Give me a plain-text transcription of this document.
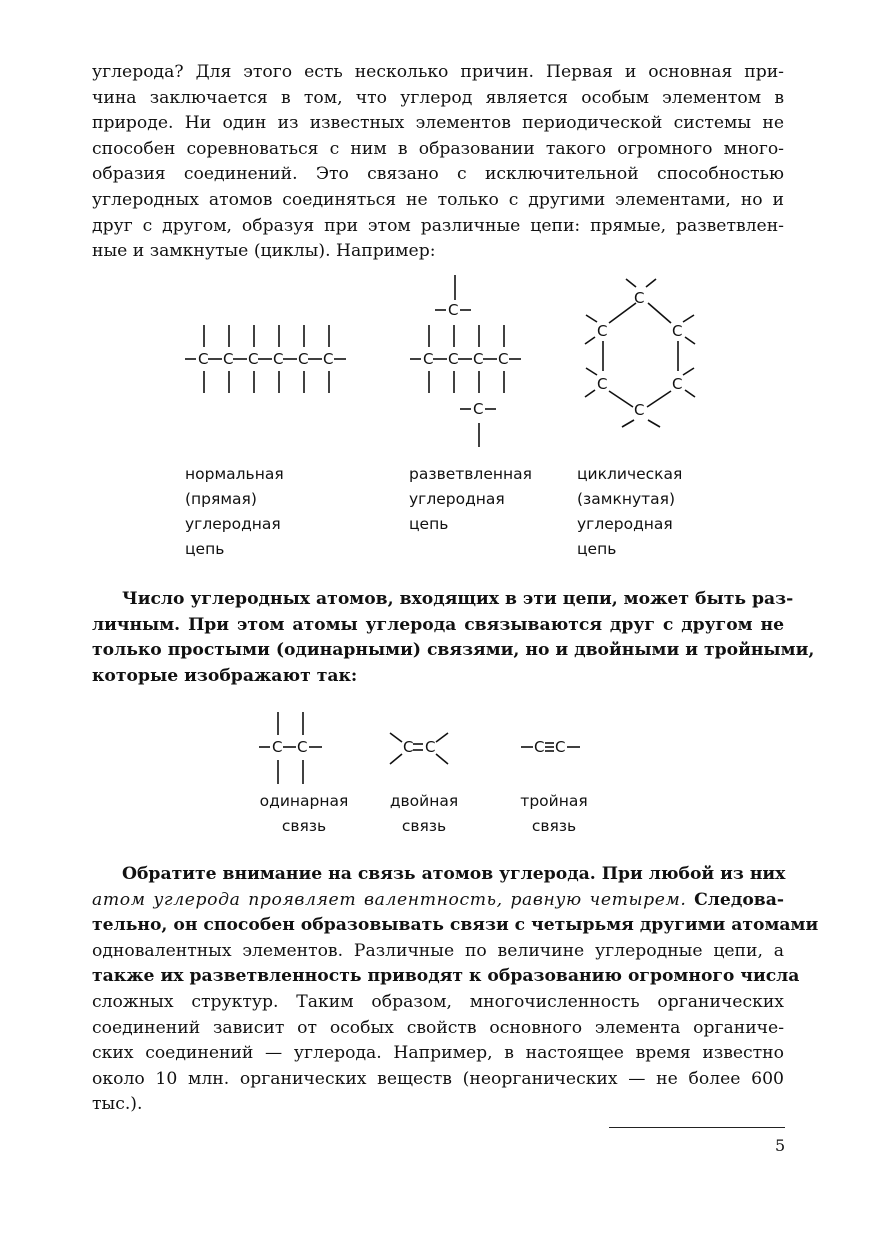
углерода? Для этого есть несколько причин. Первая и основная при-
чина заключается в том, что углерод является особым элементом в
природе. Ни один из известных элементов периодической системы не
способен соревноваться с ним в образовании такого огромного много-
образия соединений. Это связано с исключительной способностью
углеродных атомов соединяться не только с другими элементами, но и
друг с другом, образуя при этом различные цепи: прямые, разветвлен-
ные и замкнутые (циклы). Например:
C C C C C C
C
C C C C
C
C
C	C
C	C
C
нормальная
(прямая)
углеродная
цепь
разветвленная
углеродная
цепь
циклическая
(замкнутая)
углеродная
цепь
Число углеродных атомов, входящих в эти цепи, может быть раз-
личным. При этом атомы углерода связываются друг с другом не
только простыми (одинарными) связями, но и двойными и тройными,
которые изображают так:
C C	C C	C C
одинарная
связь
двойная
связь
тройная
связь
Обратите внимание на связь атомов углерода. При любой из них
атом углерода проявляет валентность, равную четырем. Следова-
тельно, он способен образовывать связи с четырьмя другими атомами
одновалентных элементов. Различные по величине углеродные цепи, а
также их разветвленность приводят к образованию огромного числа
сложных структур. Таким образом, многочисленность органических
соединений зависит от особых свойств основного элемента органиче-
ских соединений — углерода. Например, в настоящее время известно
около 10 млн. органических веществ (неорганических — не более 600
тыс.).
5
